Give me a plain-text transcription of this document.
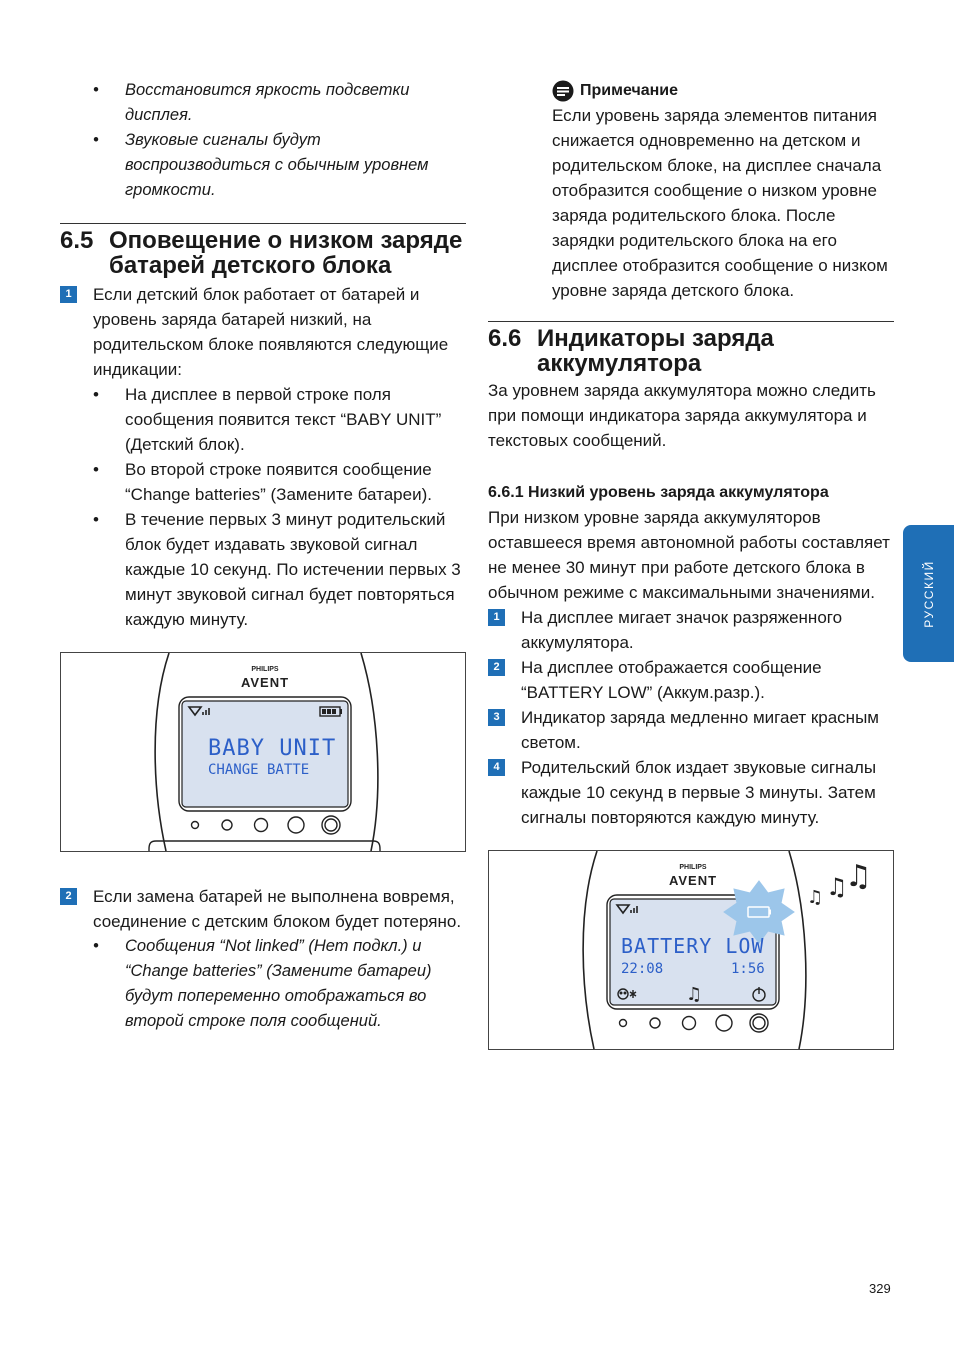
• Восстановится яркость подсветки дисплея.
• Звуковые сигналы будут воспроизводиться с обычным уровнем громкости.
6.5 Оповещение о низком заряде батарей детского блока
1	Если детский блок работает от батарей и уровень заряда батарей низкий, на родительском блоке появляются следующие индикации:
• На дисплее в первой строке поля сообщения появится текст “BABY UNIT” (Детский блок).
• Во второй строке появится сообщение “Change batteries” (Замените батареи).
• В течение первых 3 минут родительский блок будет издавать звуковой сигнал каждые 10 секунд. По истечении первых 3 минут звуковой сигнал будет повторяться каждую минуту.
BABY UNIT
CHANGE BATTE
PHILIPS
AVENT
2	Если замена батарей не выполнена вовремя, соединение с детским блоком будет потеряно.
• Сообщения “Not linked” (Нет подкл.) и “Change batteries” (Замените батареи) будут попеременно отображаться во второй строке поля сообщений.
Примечание
Если уровень заряда элементов питания снижается одновременно на детском и родительском блоке, на дисплее сначала отобразится сообщение о низком уровне заряда родительского блока. После зарядки родительского блока на его дисплее отобразится сообщение о низком уровне заряда детского блока.
6.6 Индикаторы заряда аккумулятора
За уровнем заряда аккумулятора можно следить при помощи индикатора заряда аккумулятора и текстовых сообщений.
6.6.1 Низкий уровень заряда аккумулятора
При низком уровне заряда аккумуляторов оставшееся время автономной работы составляет не менее 30 минут при работе детского блока в обычном режиме с максимальными значениями.
1	На дисплее мигает значок разряженного аккумулятора.
2	На дисплее отображается сообщение “BATTERY LOW” (Аккум.разр.).
3	Индикатор заряда медленно мигает красным светом.
4	Родительский блок издает звуковые сигналы каждые 10 секунд в первые 3 минуты. Затем сигналы повторяются каждую минуту.
BATTERY LOW
22:08	1:56
♫
PHILIPS
AVENT
♫ ♫
♫
РУССКИЙ
329
